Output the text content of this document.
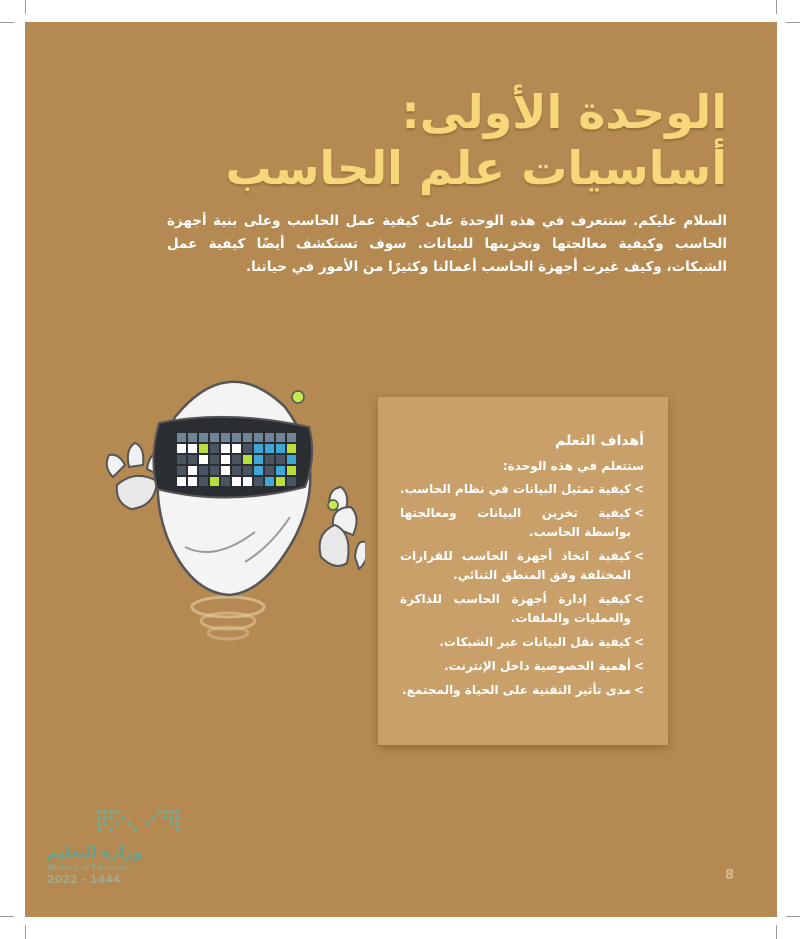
الوحدة الأولى:
أساسيات علم الحاسب
السلام عليكم. ستتعرف في هذه الوحدة على كيفية عمل الحاسب وعلى بنية أجهزة الحاسب وكيفية معالجتها وتخزينها للبيانات. سوف تستكشف أيضًا كيفية عمل الشبكات، وكيف غيرت أجهزة الحاسب أعمالنا وكثيرًا من الأمور في حياتنا.
أهداف التعلم
ستتعلم في هذه الوحدة:
>
كيفية تمثيل البيانات في نظام الحاسب.
>
كيفية تخزين البيانات ومعالجتها بواسطة الحاسب.
>
كيفية اتخاذ أجهزة الحاسب للقرارات المختلفة وفق المنطق الثنائي.
>
كيفية إدارة أجهزة الحاسب للذاكرة والعمليات والملفات.
>
كيفية نقل البيانات عبر الشبكات.
>
أهمية الخصوصية داخل الإنترنت.
>
مدى تأثير التقنية على الحياة والمجتمع.
وزارة التعليم
Ministry of Education
2022 - 1444	8
